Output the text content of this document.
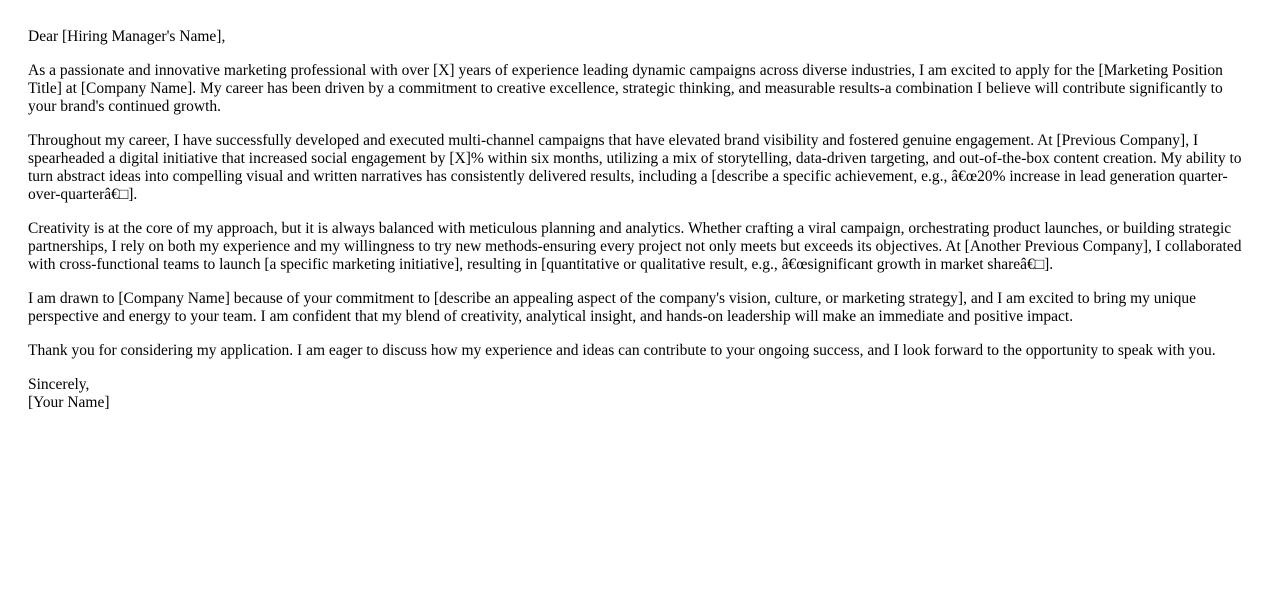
Dear [Hiring Manager's Name],

As a passionate and innovative marketing professional with over [X] years of experience leading dynamic campaigns across diverse industries, I am excited to apply for the [Marketing Position Title] at [Company Name]. My career has been driven by a commitment to creative excellence, strategic thinking, and measurable results-a combination I believe will contribute significantly to your brand's continued growth.

Throughout my career, I have successfully developed and executed multi-channel campaigns that have elevated brand visibility and fostered genuine engagement. At [Previous Company], I spearheaded a digital initiative that increased social engagement by [X]% within six months, utilizing a mix of storytelling, data-driven targeting, and out-of-the-box content creation. My ability to turn abstract ideas into compelling visual and written narratives has consistently delivered results, including a [describe a specific achievement, e.g., â€œ20% increase in lead generation quarter-over-quarterâ€□].

Creativity is at the core of my approach, but it is always balanced with meticulous planning and analytics. Whether crafting a viral campaign, orchestrating product launches, or building strategic partnerships, I rely on both my experience and my willingness to try new methods-ensuring every project not only meets but exceeds its objectives. At [Another Previous Company], I collaborated with cross-functional teams to launch [a specific marketing initiative], resulting in [quantitative or qualitative result, e.g., â€œsignificant growth in market shareâ€□].

I am drawn to [Company Name] because of your commitment to [describe an appealing aspect of the company's vision, culture, or marketing strategy], and I am excited to bring my unique perspective and energy to your team. I am confident that my blend of creativity, analytical insight, and hands-on leadership will make an immediate and positive impact.

Thank you for considering my application. I am eager to discuss how my experience and ideas can contribute to your ongoing success, and I look forward to the opportunity to speak with you.

Sincerely,
[Your Name]
